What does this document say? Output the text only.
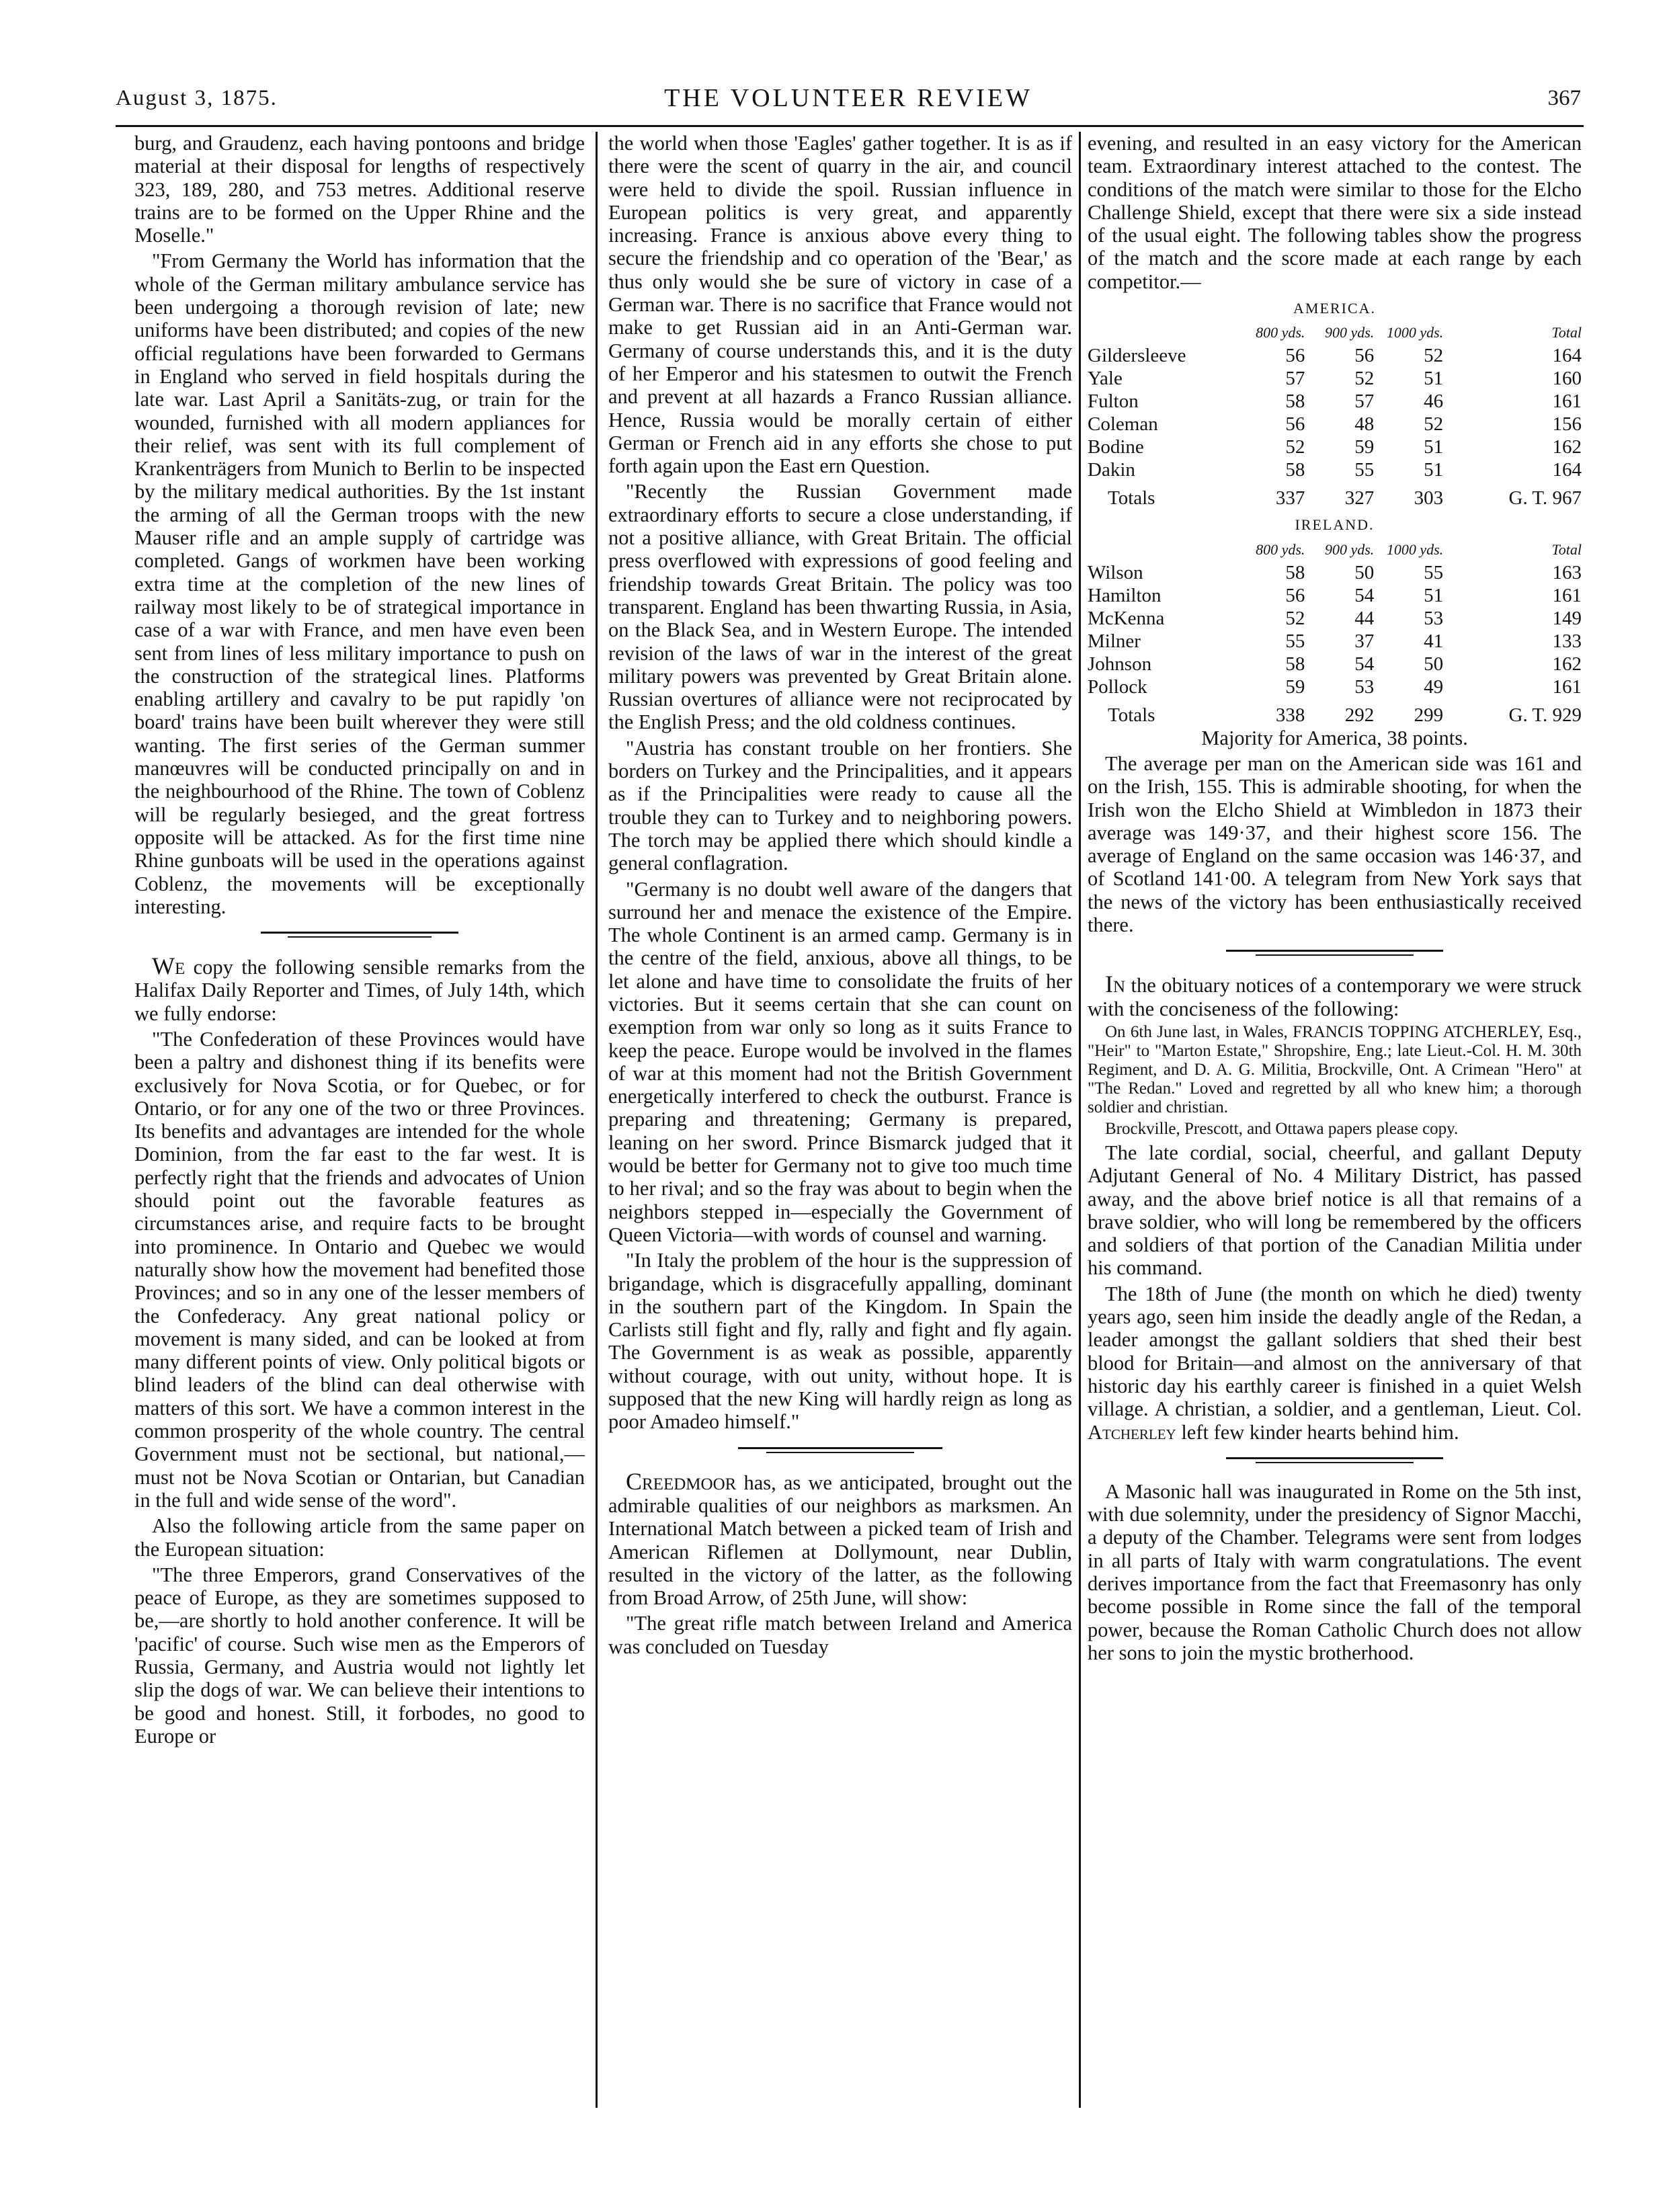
August 3, 1875.	THE VOLUNTEER REVIEW	367

burg, and Graudenz, each having pontoons and bridge material at their disposal for lengths of respectively 323, 189, 280, and 753 metres. Additional reserve trains are to be formed on the Upper Rhine and the Moselle."

"From Germany the World has information that the whole of the German military ambulance service has been undergoing a thorough revision of late; new uniforms have been distributed; and copies of the new official regulations have been forwarded to Germans in England who served in field hospitals during the late war. Last April a Sanitäts-zug, or train for the wounded, furnished with all modern appliances for their relief, was sent with its full complement of Krankenträgers from Munich to Berlin to be inspected by the military medical authorities. By the 1st instant the arming of all the German troops with the new Mauser rifle and an ample supply of cartridge was completed. Gangs of workmen have been working extra time at the completion of the new lines of railway most likely to be of strategical importance in case of a war with France, and men have even been sent from lines of less military importance to push on the construction of the strategical lines. Platforms enabling artillery and cavalry to be put rapidly 'on board' trains have been built wherever they were still wanting. The first series of the German summer manœuvres will be conducted principally on and in the neighbourhood of the Rhine. The town of Coblenz will be regularly besieged, and the great fortress opposite will be attacked. As for the first time nine Rhine gunboats will be used in the operations against Coblenz, the movements will be exceptionally interesting.

We copy the following sensible remarks from the Halifax Daily Reporter and Times, of July 14th, which we fully endorse:

"The Confederation of these Provinces would have been a paltry and dishonest thing if its benefits were exclusively for Nova Scotia, or for Quebec, or for Ontario, or for any one of the two or three Provinces. Its benefits and advantages are intended for the whole Dominion, from the far east to the far west. It is perfectly right that the friends and advocates of Union should point out the favorable features as circumstances arise, and require facts to be brought into prominence. In Ontario and Quebec we would naturally show how the movement had benefited those Provinces; and so in any one of the lesser members of the Confederacy. Any great national policy or movement is many sided, and can be looked at from many different points of view. Only political bigots or blind leaders of the blind can deal otherwise with matters of this sort. We have a common interest in the common prosperity of the whole country. The central Government must not be sectional, but national,—must not be Nova Scotian or Ontarian, but Canadian in the full and wide sense of the word".

Also the following article from the same paper on the European situation:

"The three Emperors, grand Conservatives of the peace of Europe, as they are sometimes supposed to be,—are shortly to hold another conference. It will be 'pacific' of course. Such wise men as the Emperors of Russia, Germany, and Austria would not lightly let slip the dogs of war. We can believe their intentions to be good and honest. Still, it forbodes, no good to Europe or

the world when those 'Eagles' gather together. It is as if there were the scent of quarry in the air, and council were held to divide the spoil. Russian influence in European politics is very great, and apparently increasing. France is anxious above every thing to secure the friendship and co operation of the 'Bear,' as thus only would she be sure of victory in case of a German war. There is no sacrifice that France would not make to get Russian aid in an Anti-German war. Germany of course understands this, and it is the duty of her Emperor and his statesmen to outwit the French and prevent at all hazards a Franco Russian alliance. Hence, Russia would be morally certain of either German or French aid in any efforts she chose to put forth again upon the East ern Question.

"Recently the Russian Government made extraordinary efforts to secure a close understanding, if not a positive alliance, with Great Britain. The official press overflowed with expressions of good feeling and friendship towards Great Britain. The policy was too transparent. England has been thwarting Russia, in Asia, on the Black Sea, and in Western Europe. The intended revision of the laws of war in the interest of the great military powers was prevented by Great Britain alone. Russian overtures of alliance were not reciprocated by the English Press; and the old coldness continues.

"Austria has constant trouble on her frontiers. She borders on Turkey and the Principalities, and it appears as if the Principalities were ready to cause all the trouble they can to Turkey and to neighboring powers. The torch may be applied there which should kindle a general conflagration.

"Germany is no doubt well aware of the dangers that surround her and menace the existence of the Empire. The whole Continent is an armed camp. Germany is in the centre of the field, anxious, above all things, to be let alone and have time to consolidate the fruits of her victories. But it seems certain that she can count on exemption from war only so long as it suits France to keep the peace. Europe would be involved in the flames of war at this moment had not the British Government energetically interfered to check the outburst. France is preparing and threatening; Germany is prepared, leaning on her sword. Prince Bismarck judged that it would be better for Germany not to give too much time to her rival; and so the fray was about to begin when the neighbors stepped in—especially the Government of Queen Victoria—with words of counsel and warning.

"In Italy the problem of the hour is the suppression of brigandage, which is disgracefully appalling, dominant in the southern part of the Kingdom. In Spain the Carlists still fight and fly, rally and fight and fly again. The Government is as weak as possible, apparently without courage, with out unity, without hope. It is supposed that the new King will hardly reign as long as poor Amadeo himself."

Creedmoor has, as we anticipated, brought out the admirable qualities of our neighbors as marksmen. An International Match between a picked team of Irish and American Riflemen at Dollymount, near Dublin, resulted in the victory of the latter, as the following from Broad Arrow, of 25th June, will show:

"The great rifle match between Ireland and America was concluded on Tuesday

evening, and resulted in an easy victory for the American team. Extraordinary interest attached to the contest. The conditions of the match were similar to those for the Elcho Challenge Shield, except that there were six a side instead of the usual eight. The following tables show the progress of the match and the score made at each range by each competitor.—

AMERICA.
	800 yds.	900 yds.	1000 yds.	Total
Gildersleeve	56	56	52	164
Yale	57	52	51	160
Fulton	58	57	46	161
Coleman	56	48	52	156
Bodine	52	59	51	162
Dakin	58	55	51	164
Totals	337	327	303	G. T. 967
IRELAND.
	800 yds.	900 yds.	1000 yds.	Total
Wilson	58	50	55	163
Hamilton	56	54	51	161
McKenna	52	44	53	149
Milner	55	37	41	133
Johnson	58	54	50	162
Pollock	59	53	49	161
Totals	338	292	299	G. T. 929

Majority for America, 38 points.

The average per man on the American side was 161 and on the Irish, 155. This is admirable shooting, for when the Irish won the Elcho Shield at Wimbledon in 1873 their average was 149·37, and their highest score 156. The average of England on the same occasion was 146·37, and of Scotland 141·00. A telegram from New York says that the news of the victory has been enthusiastically received there.

In the obituary notices of a contemporary we were struck with the conciseness of the following:

On 6th June last, in Wales, FRANCIS TOPPING ATCHERLEY, Esq., "Heir" to "Marton Estate," Shropshire, Eng.; late Lieut.-Col. H. M. 30th Regiment, and D. A. G. Militia, Brockville, Ont. A Crimean "Hero" at "The Redan." Loved and regretted by all who knew him; a thorough soldier and christian.

Brockville, Prescott, and Ottawa papers please copy.

The late cordial, social, cheerful, and gallant Deputy Adjutant General of No. 4 Military District, has passed away, and the above brief notice is all that remains of a brave soldier, who will long be remembered by the officers and soldiers of that portion of the Canadian Militia under his command.

The 18th of June (the month on which he died) twenty years ago, seen him inside the deadly angle of the Redan, a leader amongst the gallant soldiers that shed their best blood for Britain—and almost on the anniversary of that historic day his earthly career is finished in a quiet Welsh village. A christian, a soldier, and a gentleman, Lieut. Col. Atcherley left few kinder hearts behind him.

A Masonic hall was inaugurated in Rome on the 5th inst, with due solemnity, under the presidency of Signor Macchi, a deputy of the Chamber. Telegrams were sent from lodges in all parts of Italy with warm congratulations. The event derives importance from the fact that Freemasonry has only become possible in Rome since the fall of the temporal power, because the Roman Catholic Church does not allow her sons to join the mystic brotherhood.
